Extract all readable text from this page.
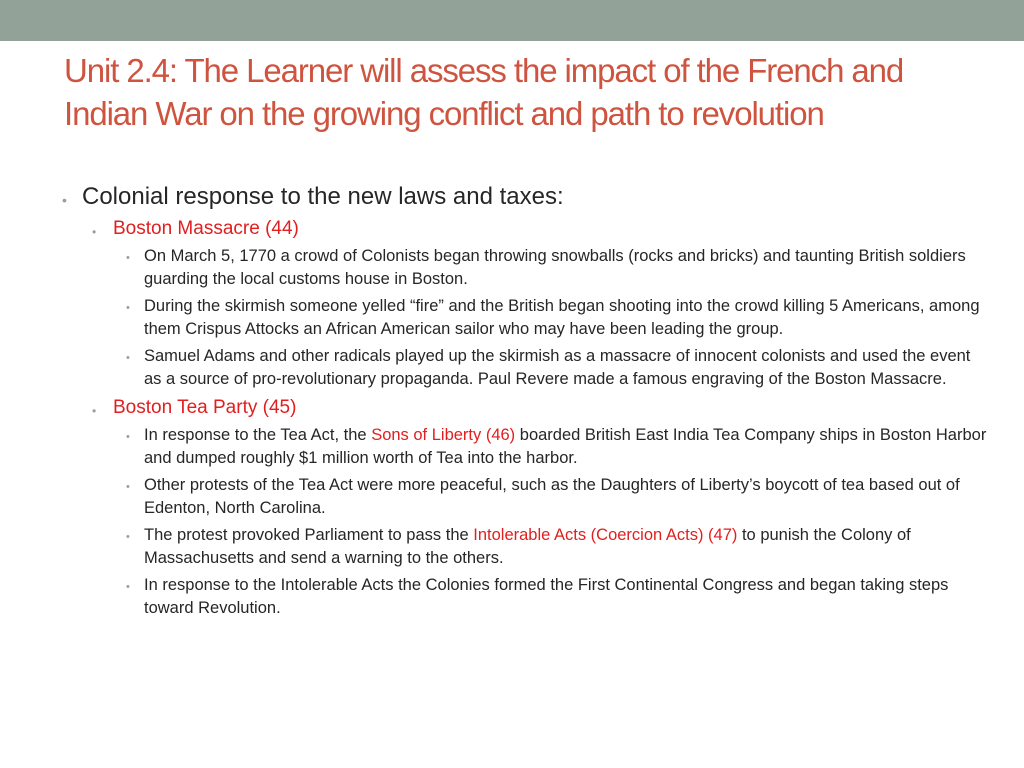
Unit 2.4: The Learner will assess the impact of the French and Indian War on the growing conflict and path to revolution
• Colonial response to the new laws and taxes:
• Boston Massacre (44)
• On March 5, 1770 a crowd of Colonists began throwing snowballs (rocks and bricks) and taunting British soldiers guarding the local customs house in Boston.
• During the skirmish someone yelled “fire” and the British began shooting into the crowd killing 5 Americans, among them Crispus Attocks an African American sailor who may have been leading the group.
• Samuel Adams and other radicals played up the skirmish as a massacre of innocent colonists and used the event as a source of pro-revolutionary propaganda. Paul Revere made a famous engraving of the Boston Massacre.
• Boston Tea Party (45)
• In response to the Tea Act, the Sons of Liberty (46) boarded British East India Tea Company ships in Boston Harbor and dumped roughly $1 million worth of Tea into the harbor.
• Other protests of the Tea Act were more peaceful, such as the Daughters of Liberty’s boycott of tea based out of Edenton, North Carolina.
• The protest provoked Parliament to pass the Intolerable Acts (Coercion Acts) (47) to punish the Colony of Massachusetts and send a warning to the others.
• In response to the Intolerable Acts the Colonies formed the First Continental Congress and began taking steps toward Revolution.
